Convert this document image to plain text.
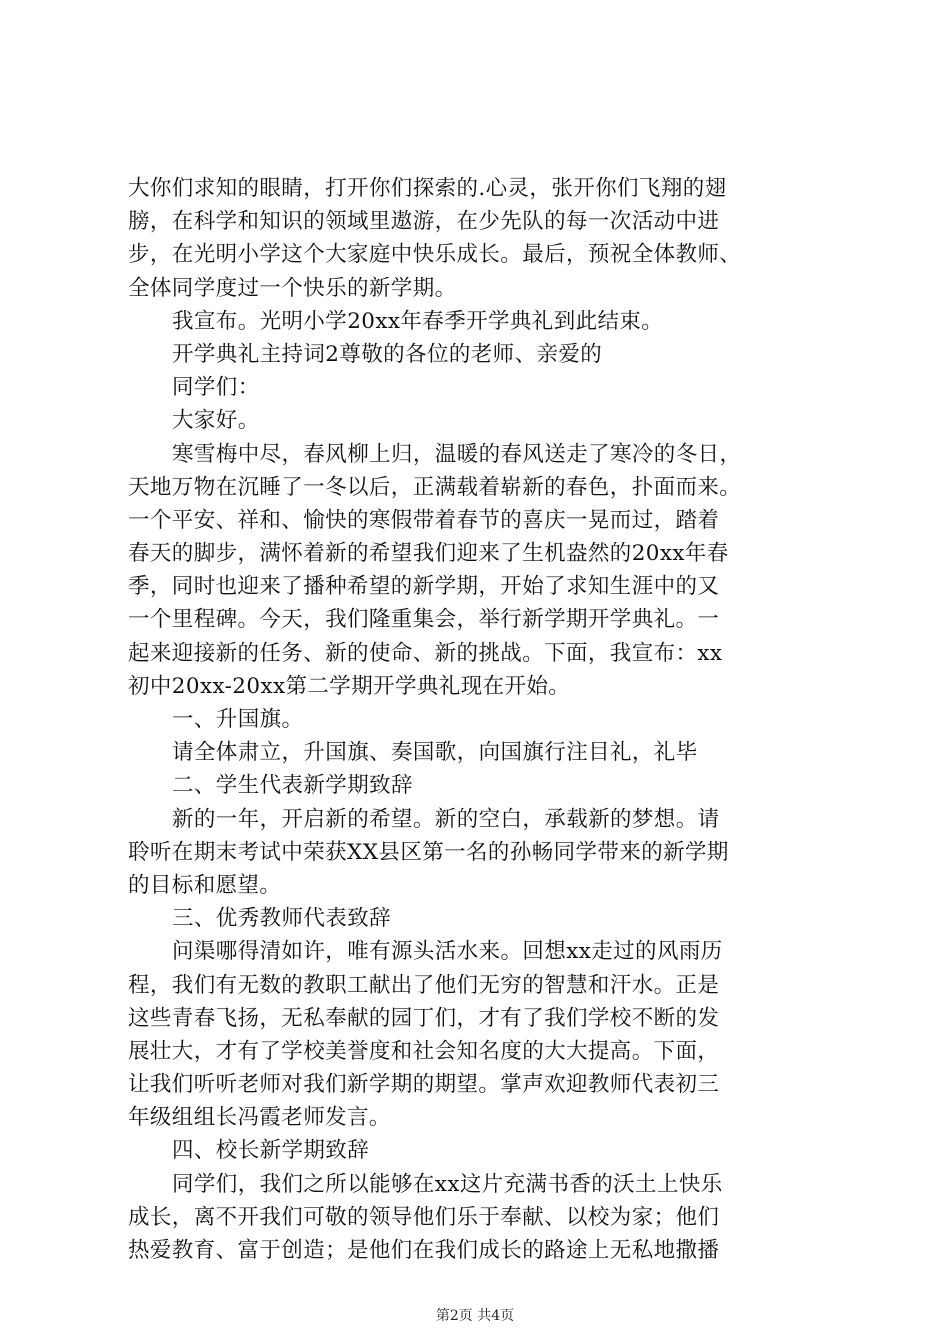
大你们求知的眼睛，打开你们探索的.心灵，张开你们飞翔的翅
膀，在科学和知识的领域里遨游，在少先队的每一次活动中进
步，在光明小学这个大家庭中快乐成长。最后，预祝全体教师、
全体同学度过一个快乐的新学期。
我宣布。光明小学20xx年春季开学典礼到此结束。
开学典礼主持词2尊敬的各位的老师、亲爱的
同学们：
大家好。
寒雪梅中尽，春风柳上归，温暖的春风送走了寒冷的冬日，
天地万物在沉睡了一冬以后，正满载着崭新的春色，扑面而来。
一个平安、祥和、愉快的寒假带着春节的喜庆一晃而过，踏着
春天的脚步，满怀着新的希望我们迎来了生机盎然的20xx年春
季，同时也迎来了播种希望的新学期，开始了求知生涯中的又
一个里程碑。今天，我们隆重集会，举行新学期开学典礼。一
起来迎接新的任务、新的使命、新的挑战。下面，我宣布：xx
初中20xx-20xx第二学期开学典礼现在开始。
一、升国旗。
请全体肃立，升国旗、奏国歌，向国旗行注目礼，礼毕
二、学生代表新学期致辞
新的一年，开启新的希望。新的空白，承载新的梦想。请
聆听在期末考试中荣获XX县区第一名的孙畅同学带来的新学期
的目标和愿望。
三、优秀教师代表致辞
问渠哪得清如许，唯有源头活水来。回想xx走过的风雨历
程，我们有无数的教职工献出了他们无穷的智慧和汗水。正是
这些青春飞扬，无私奉献的园丁们，才有了我们学校不断的发
展壮大，才有了学校美誉度和社会知名度的大大提高。下面，
让我们听听老师对我们新学期的期望。掌声欢迎教师代表初三
年级组组长冯霞老师发言。
四、校长新学期致辞
同学们，我们之所以能够在xx这片充满书香的沃土上快乐
成长，离不开我们可敬的领导他们乐于奉献、以校为家；他们
热爱教育、富于创造；是他们在我们成长的路途上无私地撒播
第2页 共4页
